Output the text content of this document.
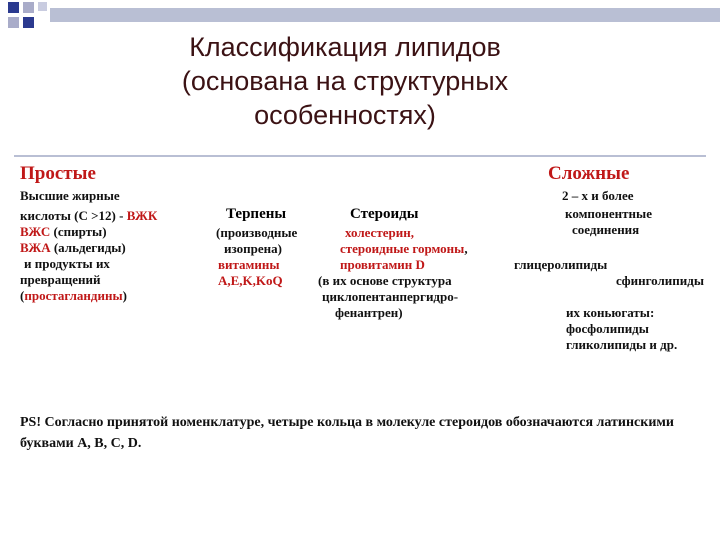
Классификация липидов
(основана на структурных
особенностях)
Простые
Высшие жирные
кислоты (C >12) - ВЖК
ВЖС (спирты)
ВЖА (альдегиды)
и продукты их
превращений
(простагландины)
Терпены
(производные
изопрена)
витамины
A,E,K,KoQ
Стероиды
холестерин,
стероидные гормоны,
провитамин D
(в их основе структура
циклопентанпергидро-
фенантрен)
Сложные
2 – х и более
компонентные
соединения
глицеролипиды
сфинголипиды
их коньюгаты:
фосфолипиды
гликолипиды и др.
PS! Согласно принятой номенклатуре, четыре кольца в молекуле стероидов обозначаются латинскими буквами A, B, C, D.
